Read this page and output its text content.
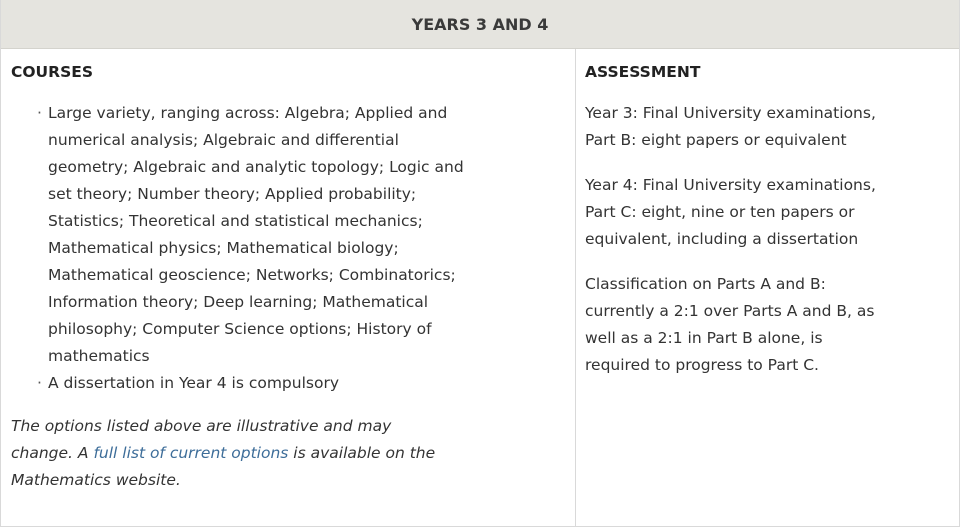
YEARS 3 AND 4
COURSES
· Large variety, ranging across: Algebra; Applied and numerical analysis; Algebraic and differential geometry; Algebraic and analytic topology; Logic and set theory; Number theory; Applied probability; Statistics; Theoretical and statistical mechanics; Mathematical physics; Mathematical biology; Mathematical geoscience; Networks; Combinatorics; Information theory; Deep learning; Mathematical philosophy; Computer Science options; History of mathematics
· A dissertation in Year 4 is compulsory
The options listed above are illustrative and may change. A full list of current options is available on the Mathematics website.
ASSESSMENT

Year 3: Final University examinations, Part B: eight papers or equivalent

Year 4: Final University examinations, Part C: eight, nine or ten papers or equivalent, including a dissertation

Classification on Parts A and B: currently a 2:1 over Parts A and B, as well as a 2:1 in Part B alone, is required to progress to Part C.
